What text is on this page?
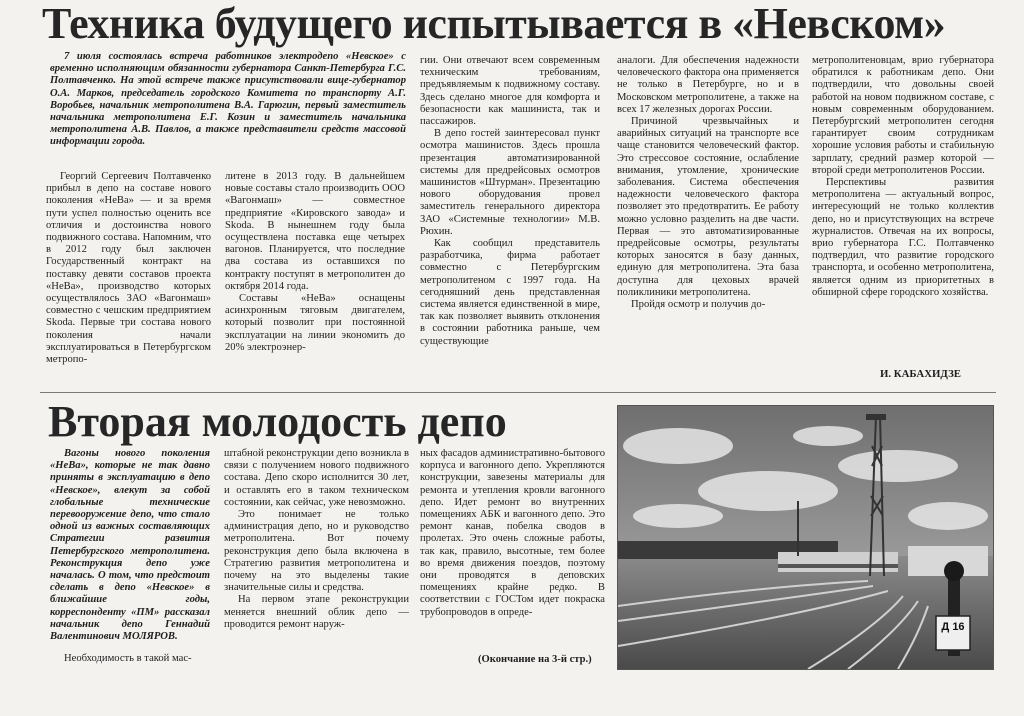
Техника будущего испытывается в «Невском»

7 июля состоялась встреча работников электродепо «Невское» с временно исполняющим обязанности губернатора Санкт-Петербурга Г.С. Полтавченко. На этой встрече также присутствовали вице-губернатор О.А. Марков, председатель городского Комитета по транспорту А.Г. Воробьев, начальник метрополитена В.А. Гарюгин, первый заместитель начальника метрополитена Е.Г. Козин и заместитель начальника метрополитена А.В. Павлов, а также представители средств массовой информации города.

Георгий Сергеевич Полтавченко прибыл в депо на составе нового поколения «НеВа» — и за время пути успел полностью оценить все отличия и достоинства нового подвижного состава. Напомним, что в 2012 году был заключен Государственный контракт на поставку девяти составов проекта «НеВа», производство которых осуществлялось ЗАО «Вагонмаш» совместно с чешским предприятием Skoda. Первые три состава нового поколения начали эксплуатироваться в Петербургском метропо-

литене в 2013 году. В дальнейшем новые составы стало производить ООО «Вагонмаш» — совместное предприятие «Кировского завода» и Skoda. В нынешнем году была осуществлена поставка еще четырех вагонов. Планируется, что последние два состава из оставшихся по контракту поступят в метрополитен до октября 2014 года.

Составы «НеВа» оснащены асинхронным тяговым двигателем, который позволит при постоянной эксплуатации на линии экономить до 20% электроэнер-

гии. Они отвечают всем современным техническим требованиям, предъявляемым к подвижному составу. Здесь сделано многое для комфорта и безопасности как машиниста, так и пассажиров.

В депо гостей заинтересовал пункт осмотра машинистов. Здесь прошла презентация автоматизированной системы для предрейсовых осмотров машинистов «Штурман». Презентацию нового оборудования провел заместитель генерального директора ЗАО «Системные технологии» М.В. Рюхин.

Как сообщил представитель разработчика, фирма работает совместно с Петербургским метрополитеном с 1997 года. На сегодняшний день представленная система является единственной в мире, так как позволяет выявить отклонения в состоянии работника раньше, чем существующие

аналоги. Для обеспечения надежности человеческого фактора она применяется не только в Петербурге, но и в Московском метрополитене, а также на всех 17 железных дорогах России.

Причиной чрезвычайных и аварийных ситуаций на транспорте все чаще становится человеческий фактор. Это стрессовое состояние, ослабление внимания, утомление, хронические заболевания. Система обеспечения надежности человеческого фактора позволяет это предотвратить. Ее работу можно условно разделить на две части. Первая — это автоматизированные предрейсовые осмотры, результаты которых заносятся в базу данных, единую для метрополитена. Эта база доступна для цеховых врачей поликлиники метрополитена.

Пройдя осмотр и получив до-

метрополитеновцам, врио губернатора обратился к работникам депо. Они подтвердили, что довольны своей работой на новом подвижном составе, с новым современным оборудованием. Петербургский метрополитен сегодня гарантирует своим сотрудникам хорошие условия работы и стабильную зарплату, средний размер которой — второй среди метрополитенов России.

Перспективы развития метрополитена — актуальный вопрос, интересующий не только коллектив депо, но и присутствующих на встрече журналистов. Отвечая на их вопросы, врио губернатора Г.С. Полтавченко подтвердил, что развитие городского транспорта, и особенно метрополитена, является одним из приоритетных в обширной сфере городского хозяйства.

И. КАБАХИДЗЕ
Вторая молодость депо

Вагоны нового поколения «НеВа», которые не так давно приняты в эксплуатацию в депо «Невское», влекут за собой глобальные технические перевооружение депо, что стало одной из важных составляющих Стратегии развития Петербургского метрополитена. Реконструкция депо уже началась. О том, что предстоит сделать в депо «Невское» в ближайшие годы, корреспонденту «ПМ» рассказал начальник депо Геннадий Валентинович МОЛЯРОВ.

Необходимость в такой мас-

штабной реконструкции депо возникла в связи с получением нового подвижного состава. Депо скоро исполнится 30 лет, и оставлять его в таком техническом состоянии, как сейчас, уже невозможно.

Это понимает не только администрация депо, но и руководство метрополитена. Вот почему реконструкция депо была включена в Стратегию развития метрополитена и почему на это выделены такие значительные силы и средства.

На первом этапе реконструкции меняется внешний облик депо — проводится ремонт наруж-

ных фасадов административно-бытового корпуса и вагонного депо. Укрепляются конструкции, завезены материалы для ремонта и утепления кровли вагонного депо. Идет ремонт во внутренних помещениях АБК и вагонного депо. Это ремонт канав, побелка сводов в пролетах. Это очень сложные работы, так как, правило, высотные, тем более во время движения поездов, поэтому они проводятся в деповских помещениях крайне редко. В соответствии с ГОСТом идет покраска трубопроводов в опреде-

(Окончание на 3-й стр.)
Д 16
